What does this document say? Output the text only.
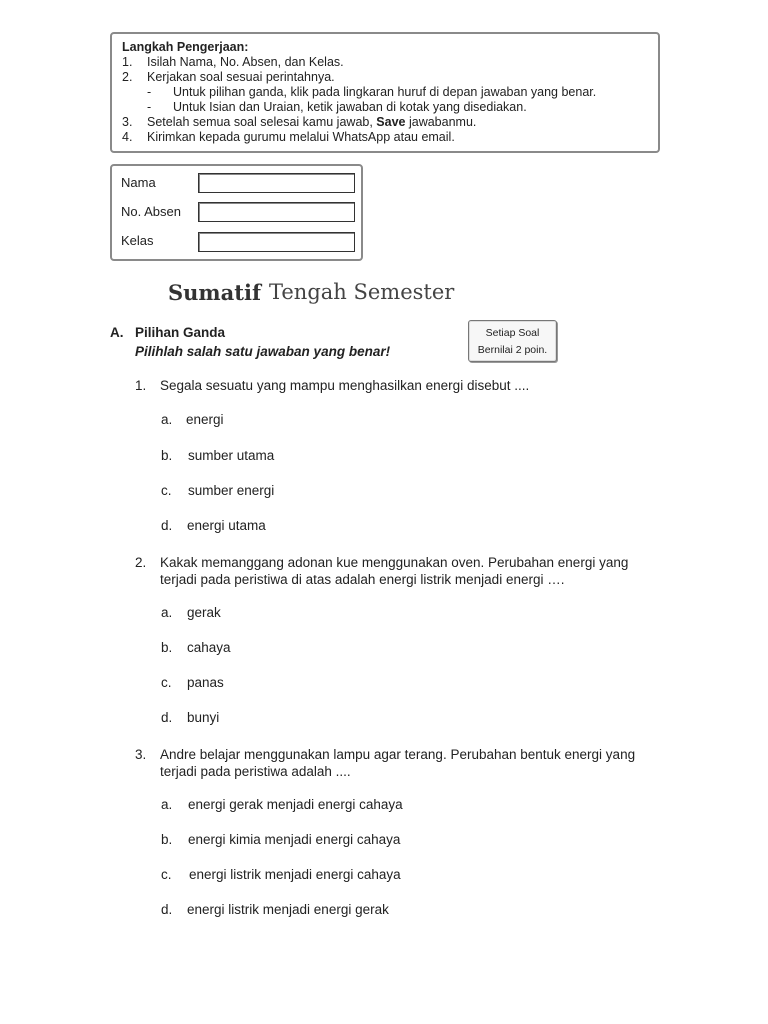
Langkah Pengerjaan:
1. Isilah Nama, No. Absen, dan Kelas.
2. Kerjakan soal sesuai perintahnya.
- Untuk pilihan ganda, klik pada lingkaran huruf di depan jawaban yang benar.
- Untuk Isian dan Uraian, ketik jawaban di kotak yang disediakan.
3. Setelah semua soal selesai kamu jawab, Save jawabanmu.
4. Kirimkan kepada gurumu melalui WhatsApp atau email.
Nama
No. Absen
Kelas
Sumatif Tengah Semester
A. Pilihan Ganda
Pilihlah salah satu jawaban yang benar!
Setiap Soal
Bernilai 2 poin.
1. Segala sesuatu yang mampu menghasilkan energi disebut ....
a. energi
b. sumber utama
c. sumber energi
d. energi utama
2. Kakak memanggang adonan kue menggunakan oven. Perubahan energi yang
terjadi pada peristiwa di atas adalah energi listrik menjadi energi ….
a. gerak
b. cahaya
c. panas
d. bunyi
3. Andre belajar menggunakan lampu agar terang. Perubahan bentuk energi yang
terjadi pada peristiwa adalah ....
a. energi gerak menjadi energi cahaya
b. energi kimia menjadi energi cahaya
c. energi listrik menjadi energi cahaya
d. energi listrik menjadi energi gerak
